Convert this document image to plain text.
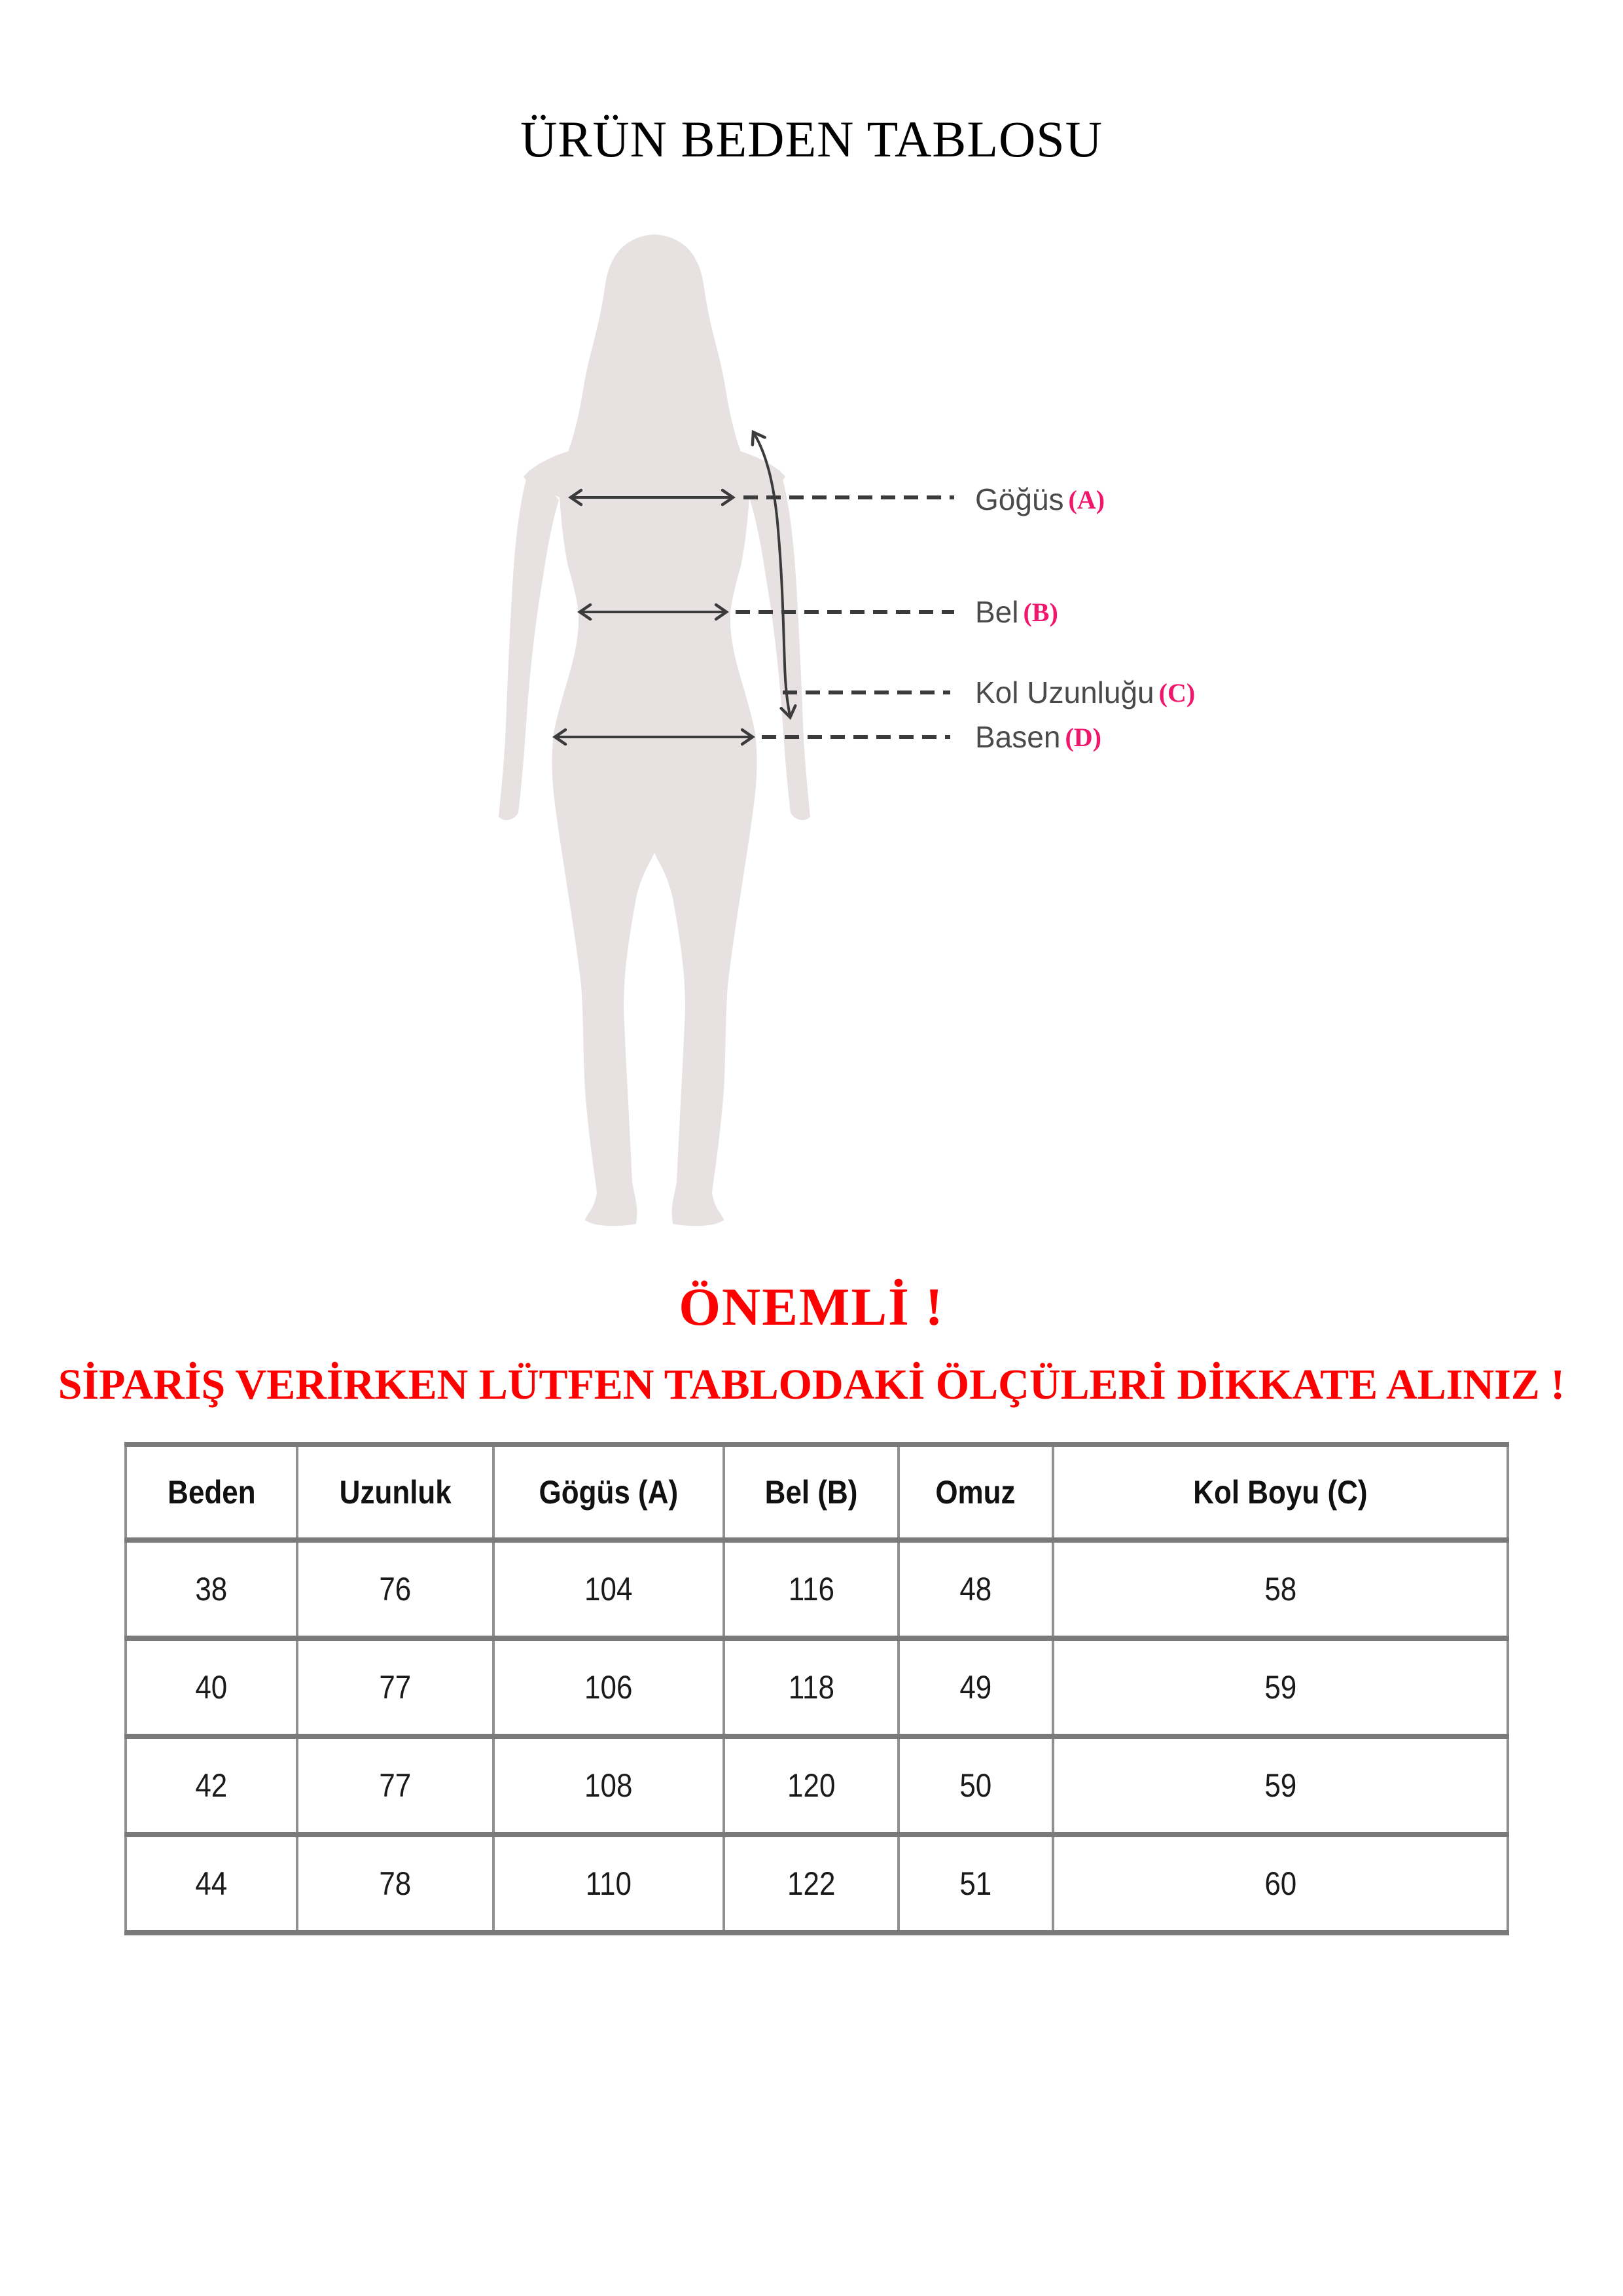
ÜRÜN BEDEN TABLOSU
Göğüs (A)
Bel (B)
Kol Uzunluğu (C)
Basen (D)

ÖNEMLİ !

SİPARİŞ VERİRKEN LÜTFEN TABLODAKİ ÖLÇÜLERİ DİKKATE ALINIZ !

Beden	Uzunluk	Gögüs (A)	Bel (B)	Omuz	Kol Boyu (C)
38	76	104	116	48	58
40	77	106	118	49	59
42	77	108	120	50	59
44	78	110	122	51	60
